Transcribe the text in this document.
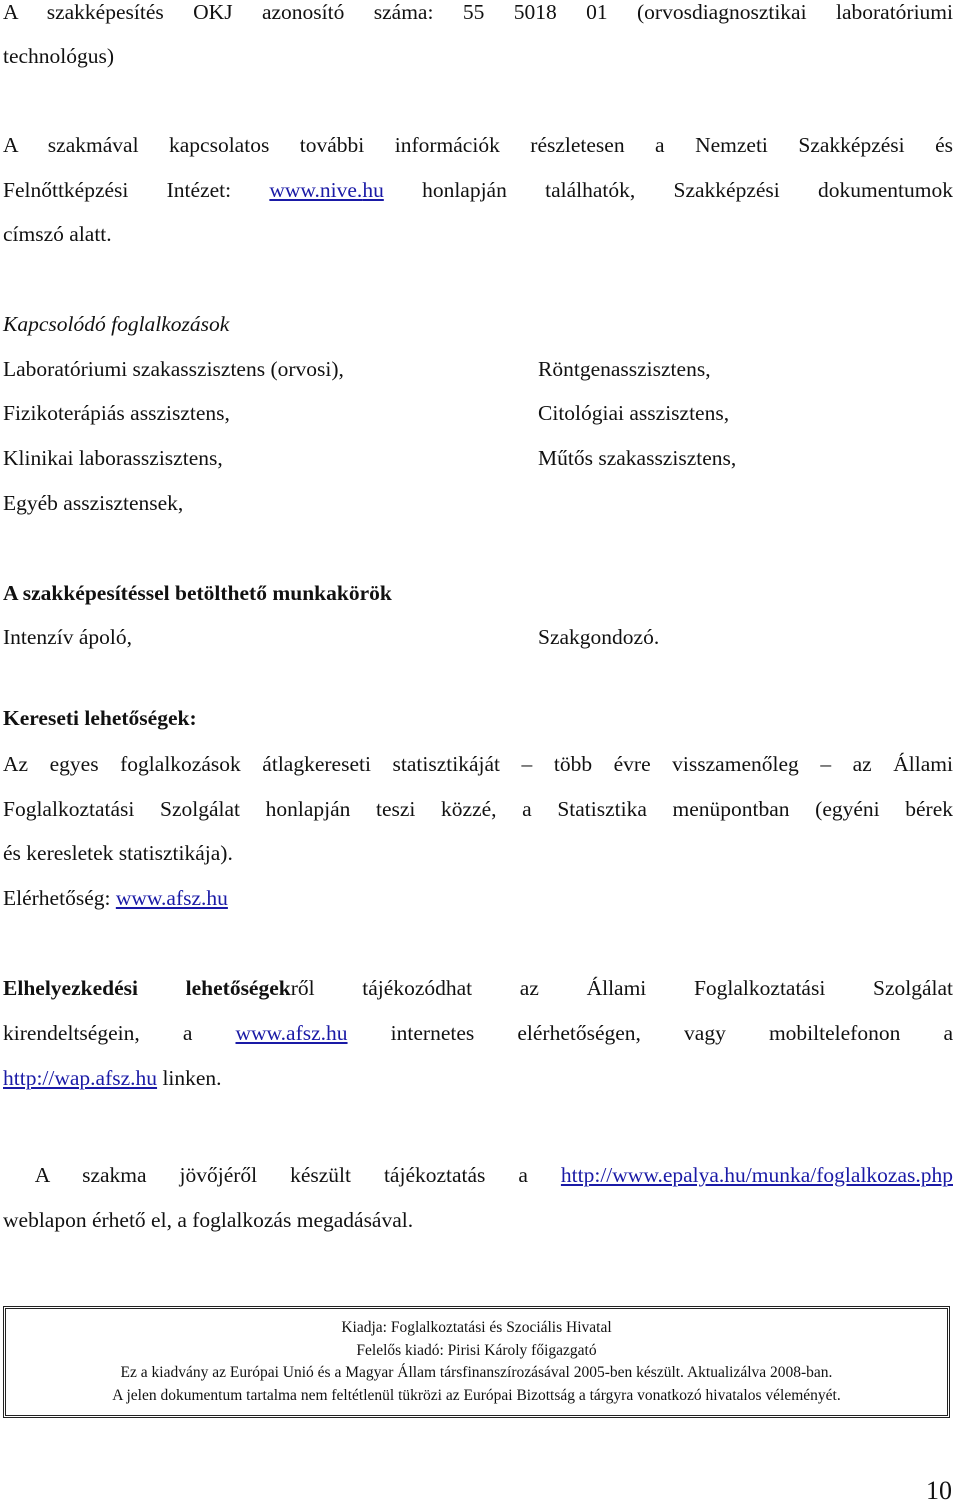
A szakképesítés OKJ azonosító száma: 55 5018 01 (orvosdiagnosztikai laboratóriumi
technológus)
A szakmával kapcsolatos további információk részletesen a Nemzeti Szakképzési és
Felnőttképzési Intézet: www.nive.hu honlapján találhatók, Szakképzési dokumentumok
címszó alatt.
Kapcsolódó foglalkozások
Laboratóriumi szakasszisztens (orvosi),
Fizikoterápiás asszisztens,
Klinikai laborasszisztens,
Egyéb asszisztensek,
Röntgenasszisztens,
Citológiai asszisztens,
Műtős szakasszisztens,
A szakképesítéssel betölthető munkakörök
Intenzív ápoló,	Szakgondozó.
Kereseti lehetőségek:
Az egyes foglalkozások átlagkereseti statisztikáját – több évre visszamenőleg – az Állami
Foglalkoztatási Szolgálat honlapján teszi közzé, a Statisztika menüpontban (egyéni bérek
és keresletek statisztikája).
Elérhetőség: www.afsz.hu
Elhelyezkedési lehetőségekről tájékozódhat az Állami Foglalkoztatási Szolgálat
kirendeltségein, a www.afsz.hu internetes elérhetőségen, vagy mobiltelefonon a
http://wap.afsz.hu linken.
A szakma jövőjéről készült tájékoztatás a http://www.epalya.hu/munka/foglalkozas.php
weblapon érhető el, a foglalkozás megadásával.
Kiadja: Foglalkoztatási és Szociális Hivatal
Felelős kiadó: Pirisi Károly főigazgató
Ez a kiadvány az Európai Unió és a Magyar Állam társfinanszírozásával 2005-ben készült. Aktualizálva 2008-ban.
A jelen dokumentum tartalma nem feltétlenül tükrözi az Európai Bizottság a tárgyra vonatkozó hivatalos véleményét.
10
